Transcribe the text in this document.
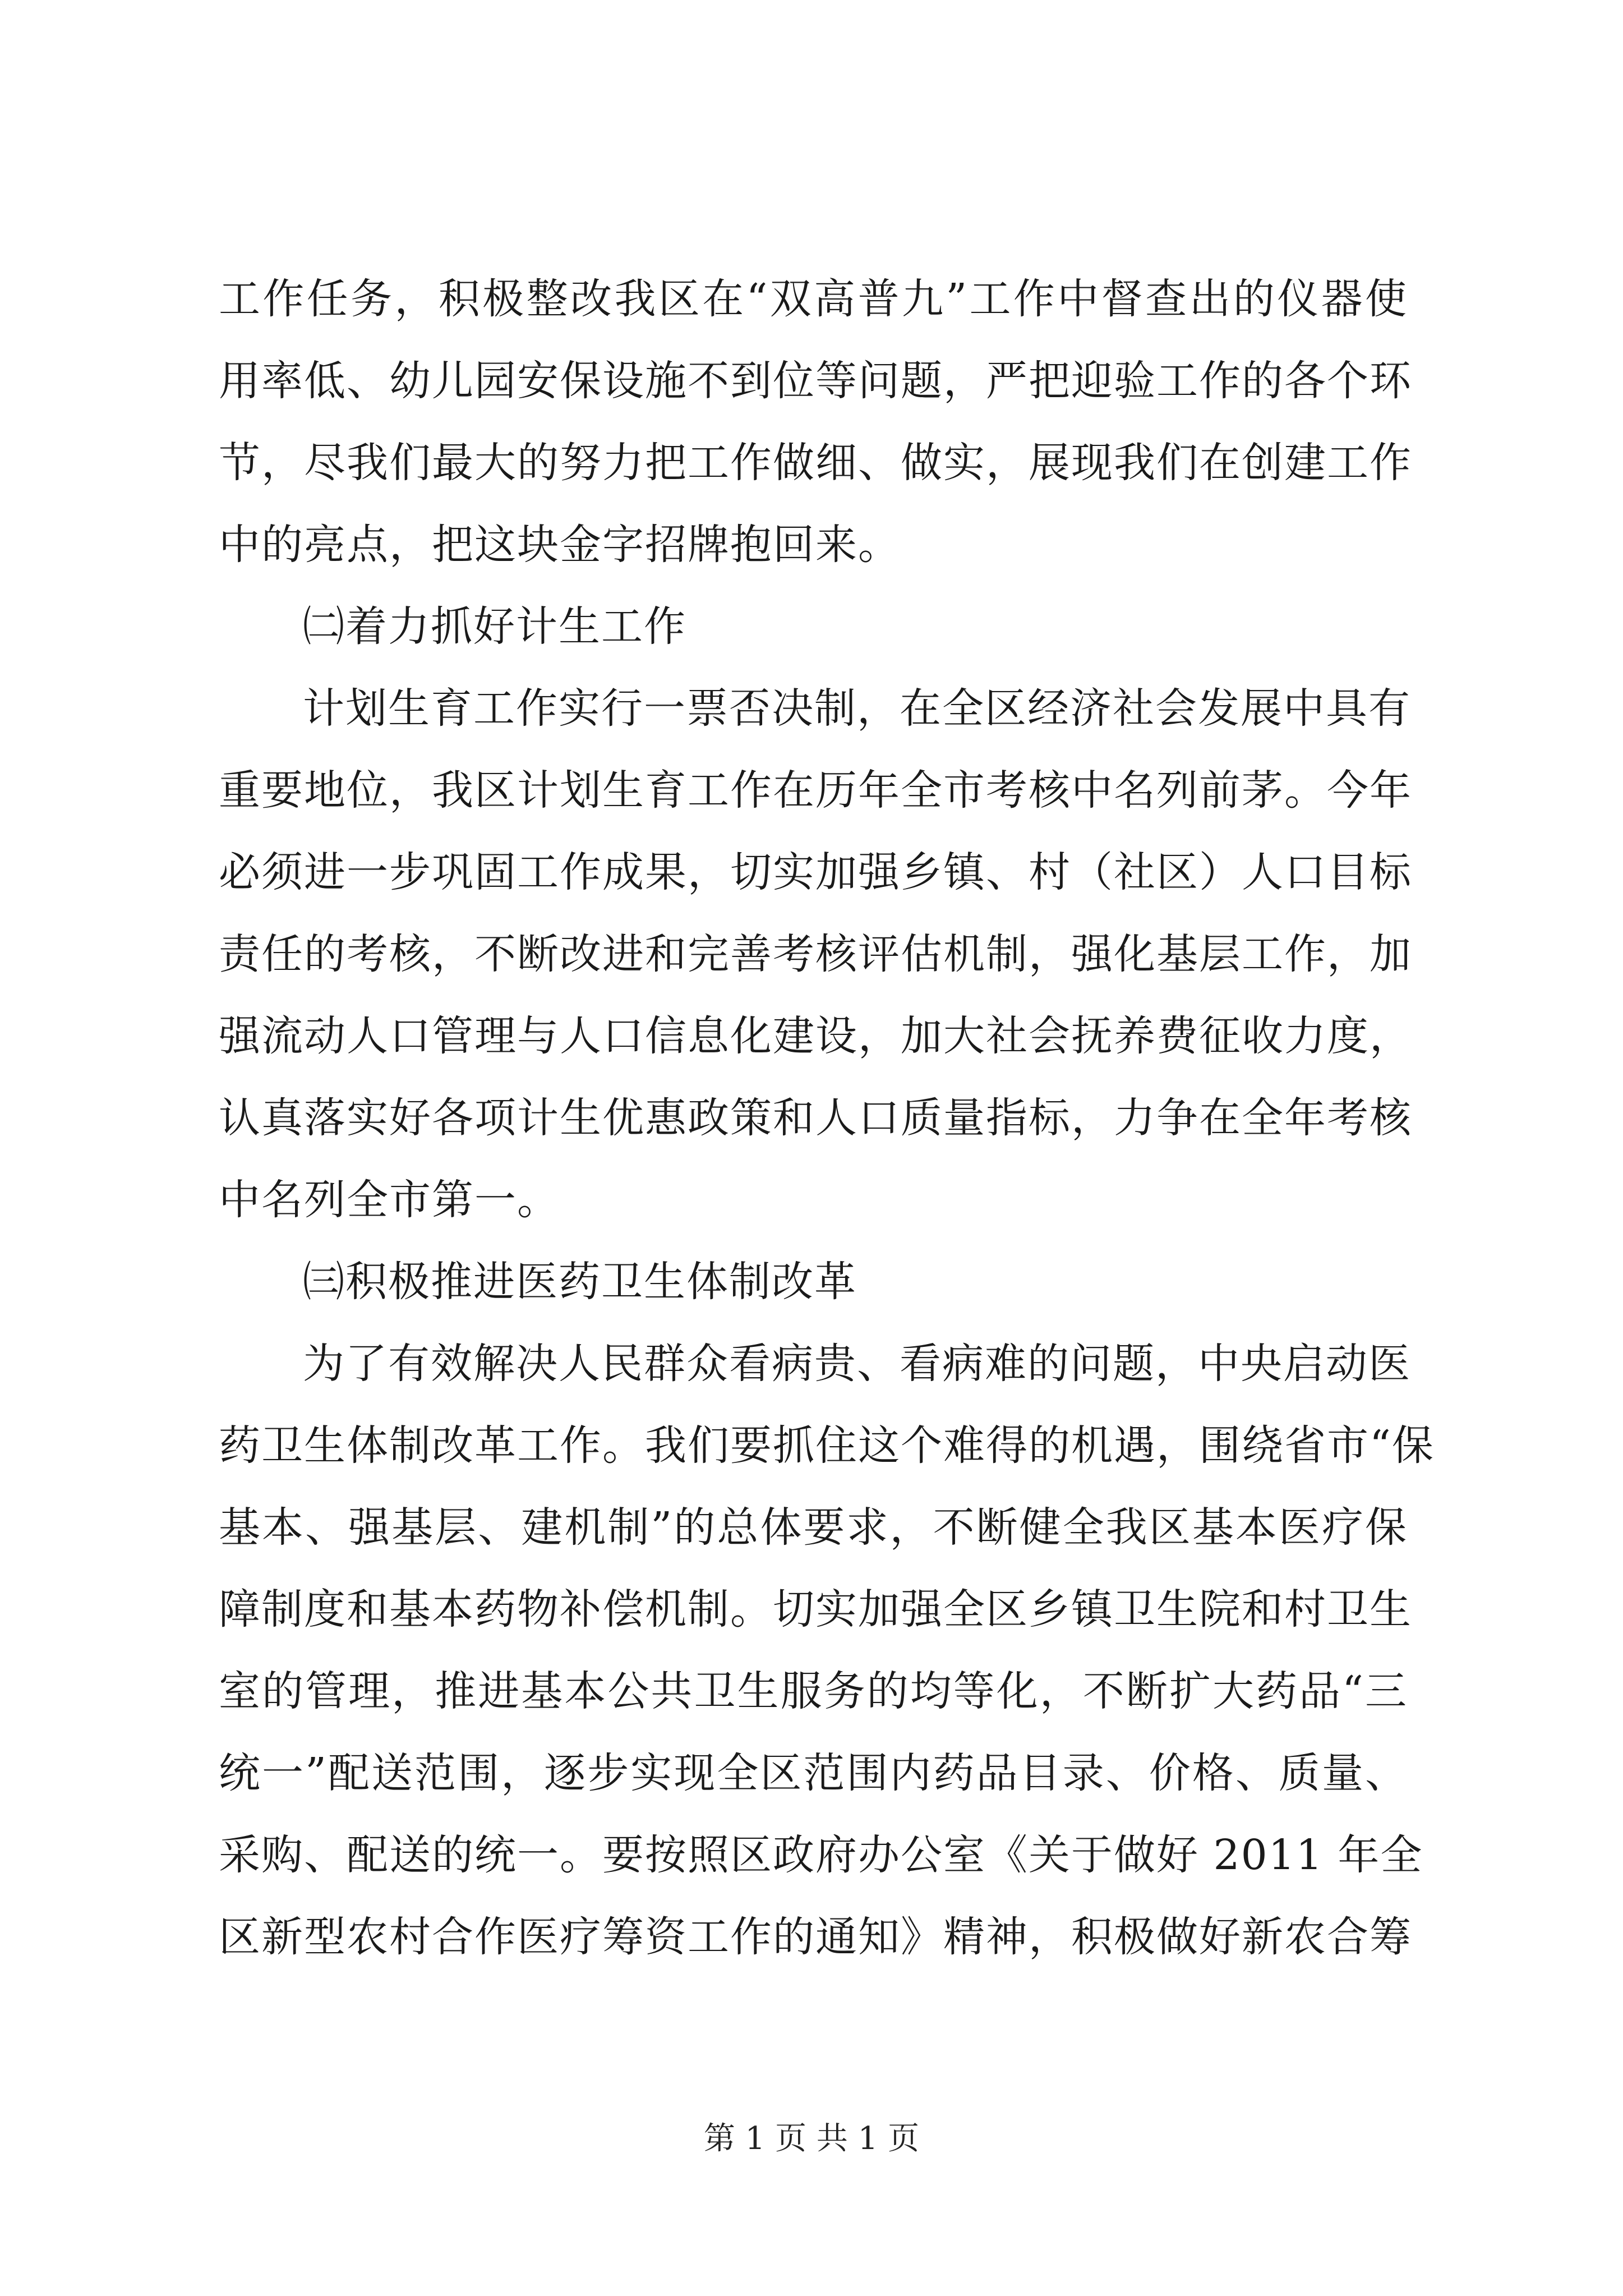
工作任务，积极整改我区在“双高普九”工作中督查出的仪器使
用率低、幼儿园安保设施不到位等问题，严把迎验工作的各个环
节，尽我们最大的努力把工作做细、做实，展现我们在创建工作
中的亮点，把这块金字招牌抱回来。
㈡着力抓好计生工作
计划生育工作实行一票否决制，在全区经济社会发展中具有
重要地位，我区计划生育工作在历年全市考核中名列前茅。今年
必须进一步巩固工作成果，切实加强乡镇、村（社区）人口目标
责任的考核，不断改进和完善考核评估机制，强化基层工作，加
强流动人口管理与人口信息化建设，加大社会抚养费征收力度，
认真落实好各项计生优惠政策和人口质量指标，力争在全年考核
中名列全市第一。
㈢积极推进医药卫生体制改革
为了有效解决人民群众看病贵、看病难的问题，中央启动医
药卫生体制改革工作。我们要抓住这个难得的机遇，围绕省市“保
基本、强基层、建机制”的总体要求，不断健全我区基本医疗保
障制度和基本药物补偿机制。切实加强全区乡镇卫生院和村卫生
室的管理，推进基本公共卫生服务的均等化，不断扩大药品“三
统一”配送范围，逐步实现全区范围内药品目录、价格、质量、
采购、配送的统一。要按照区政府办公室《关于做好 2011 年全
区新型农村合作医疗筹资工作的通知》精神，积极做好新农合筹
第 1 页 共 1 页
